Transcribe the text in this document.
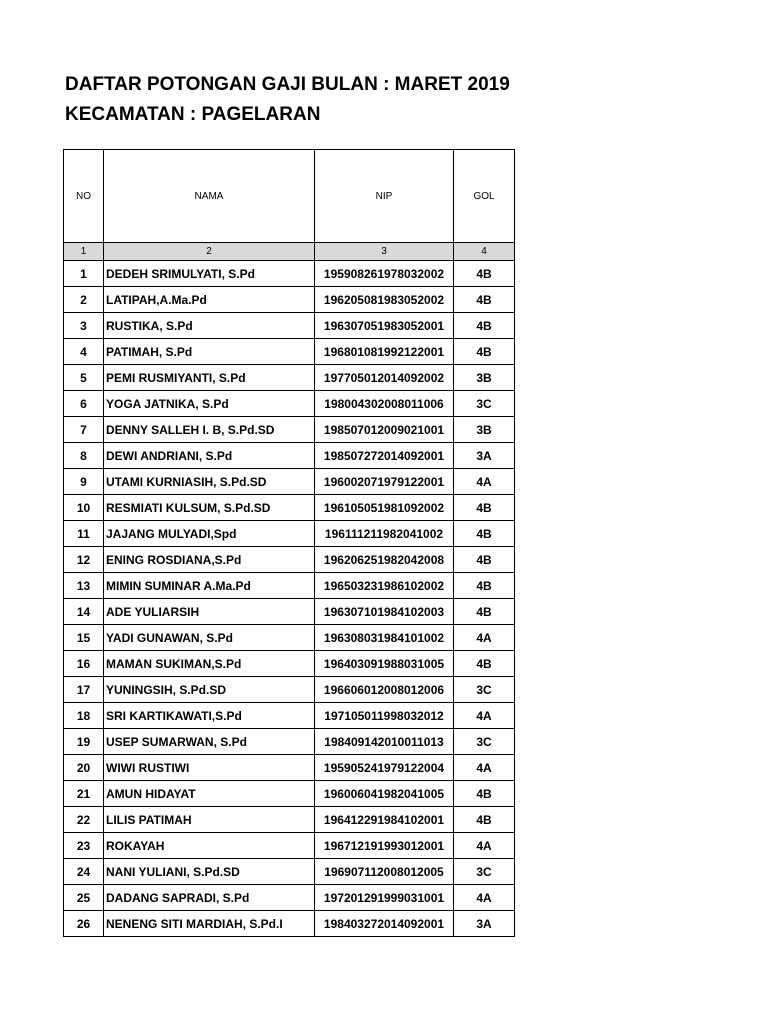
DAFTAR POTONGAN GAJI BULAN : MARET 2019
KECAMATAN : PAGELARAN
NO	NAMA	NIP	GOL
1	2	3	4
1	DEDEH SRIMULYATI, S.Pd	195908261978032002	4B
2	LATIPAH,A.Ma.Pd	196205081983052002	4B
3	RUSTIKA, S.Pd	196307051983052001	4B
4	PATIMAH, S.Pd	196801081992122001	4B
5	PEMI RUSMIYANTI, S.Pd	197705012014092002	3B
6	YOGA JATNIKA, S.Pd	198004302008011006	3C
7	DENNY SALLEH I. B, S.Pd.SD	198507012009021001	3B
8	DEWI ANDRIANI, S.Pd	198507272014092001	3A
9	UTAMI KURNIASIH, S.Pd.SD	196002071979122001	4A
10	RESMIATI KULSUM, S.Pd.SD	196105051981092002	4B
11	JAJANG MULYADI,Spd	196111211982041002	4B
12	ENING ROSDIANA,S.Pd	196206251982042008	4B
13	MIMIN SUMINAR A.Ma.Pd	196503231986102002	4B
14	ADE YULIARSIH	196307101984102003	4B
15	YADI GUNAWAN, S.Pd	196308031984101002	4A
16	MAMAN SUKIMAN,S.Pd	196403091988031005	4B
17	YUNINGSIH, S.Pd.SD	196606012008012006	3C
18	SRI KARTIKAWATI,S.Pd	197105011998032012	4A
19	USEP SUMARWAN, S.Pd	198409142010011013	3C
20	WIWI RUSTIWI	195905241979122004	4A
21	AMUN HIDAYAT	196006041982041005	4B
22	LILIS PATIMAH	196412291984102001	4B
23	ROKAYAH	196712191993012001	4A
24	NANI YULIANI, S.Pd.SD	196907112008012005	3C
25	DADANG SAPRADI, S.Pd	197201291999031001	4A
26	NENENG SITI MARDIAH, S.Pd.I	198403272014092001	3A
